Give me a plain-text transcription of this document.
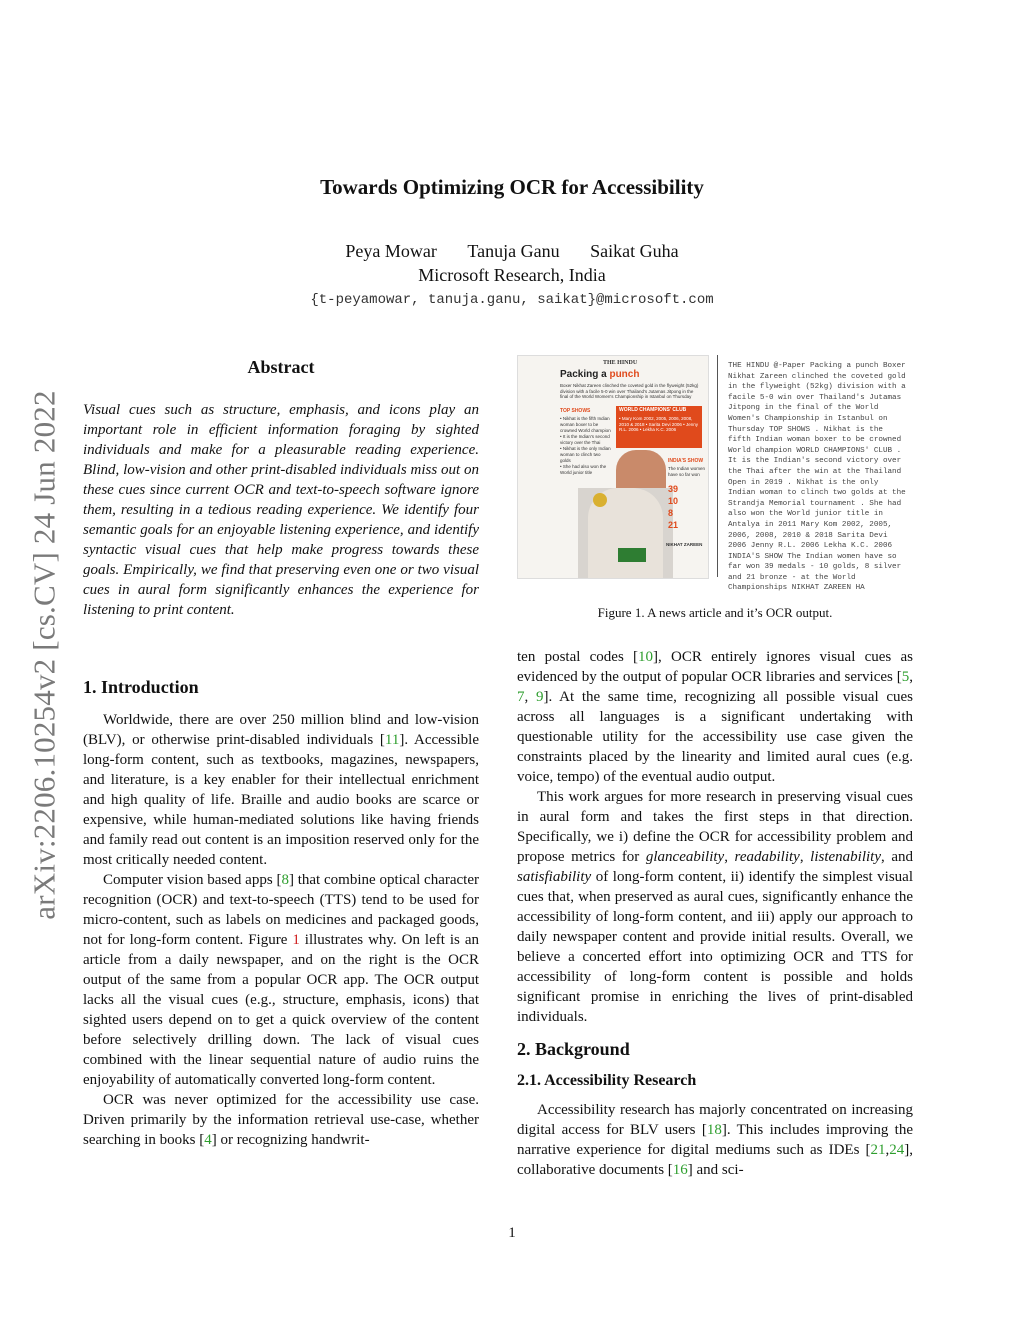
arXiv:2206.10254v2 [cs.CV] 24 Jun 2022
Towards Optimizing OCR for Accessibility
Peya Mowar Tanuja Ganu Saikat Guha
Microsoft Research, India
{t-peyamowar, tanuja.ganu, saikat}@microsoft.com
Abstract
Visual cues such as structure, emphasis, and icons play an important role in efficient information foraging by sighted individuals and make for a pleasurable reading experience. Blind, low-vision and other print-disabled individuals miss out on these cues since current OCR and text-to-speech software ignore them, resulting in a tedious reading experience. We identify four semantic goals for an enjoyable listening experience, and identify syntactic visual cues that help make progress towards these goals. Empirically, we find that preserving even one or two visual cues in aural form significantly enhances the experience for listening to print content.
1. Introduction

Worldwide, there are over 250 million blind and low-vision (BLV), or otherwise print-disabled individuals [11]. Accessible long-form content, such as textbooks, magazines, newspapers, and literature, is a key enabler for their intellectual enrichment and high quality of life. Braille and audio books are scarce or expensive, while human-mediated solutions like having friends and family read out content is an imposition reserved only for the most critically needed content.

Computer vision based apps [8] that combine optical character recognition (OCR) and text-to-speech (TTS) tend to be used for micro-content, such as labels on medicines and packaged goods, not for long-form content. Figure 1 illustrates why. On left is an article from a daily newspaper, and on the right is the OCR output of the same from a popular OCR app. The OCR output lacks all the visual cues (e.g., structure, emphasis, icons) that sighted users depend on to get a quick overview of the content before selectively drilling down. The lack of visual cues combined with the linear sequential nature of audio ruins the enjoyability of automatically converted long-form content.

OCR was never optimized for the accessibility use case. Driven primarily by the information retrieval use-case, whether searching in books [4] or recognizing handwrit-

THE HINDU
Packing a punch
Boxer Nikhat Zareen clinched the coveted gold in the flyweight (52kg) division with a facile 5-0 win over Thailand's Jutamas Jitpong in the final of the World Women's Championship in Istanbul on Thursday
TOP SHOWS
• Nikhat is the fifth Indian woman boxer to be crowned World champion
• It is the Indian's second victory over the Thai
• Nikhat is the only Indian woman to clinch two golds
• She had also won the World junior title
WORLD CHAMPIONS' CLUB
• Mary Kom 2002, 2005, 2006, 2008, 2010 & 2018 • Sarita Devi 2006 • Jenny R.L. 2006 • Lekha K.C. 2006
INDIA'S SHOW
The Indian women have so far won
39
10
8
21
NIKHAT ZAREEN
THE HINDU @-Paper Packing a punch Boxer Nikhat Zareen clinched the coveted gold in the flyweight (52kg) division with a facile 5-0 win over Thailand's Jutamas Jitpong in the final of the World Women's Championship in Istanbul on Thursday TOP SHOWS . Nikhat is the fifth Indian woman boxer to be crowned World champion WORLD CHAMPIONS' CLUB . It is the Indian's second victory over the Thai after the win at the Thailand Open in 2019 . Nikhat is the only Indian woman to clinch two golds at the Strandja Memorial tournament . She had also won the World junior title in Antalya in 2011 Mary Kom 2002, 2005, 2006, 2008, 2010 & 2018 Sarita Devi 2006 Jenny R.L. 2006 Lekha K.C. 2006 INDIA'S SHOW The Indian women have so far won 39 medals - 10 golds, 8 silver and 21 bronze - at the World Championships NIKHAT ZAREEN HA
Figure 1. A news article and it’s OCR output.

ten postal codes [10], OCR entirely ignores visual cues as evidenced by the output of popular OCR libraries and services [5, 7, 9]. At the same time, recognizing all possible visual cues across all languages is a significant undertaking with questionable utility for the accessibility use case given the constraints placed by the linearity and limited aural cues (e.g. voice, tempo) of the eventual audio output.

This work argues for more research in preserving visual cues in aural form and takes the first steps in that direction. Specifically, we i) define the OCR for accessibility problem and propose metrics for glanceability, readability, listenability, and satisfiability of long-form content, ii) identify the simplest visual cues that, when preserved as aural cues, significantly enhance the accessibility of long-form content, and iii) apply our approach to daily newspaper content and provide initial results. Overall, we believe a concerted effort into optimizing OCR and TTS for accessibility of long-form content is possible and holds significant promise in enriching the lives of print-disabled individuals.

2. Background
2.1. Accessibility Research

Accessibility research has majorly concentrated on increasing digital access for BLV users [18]. This includes improving the narrative experience for digital mediums such as IDEs [21,24], collaborative documents [16] and sci-

1
